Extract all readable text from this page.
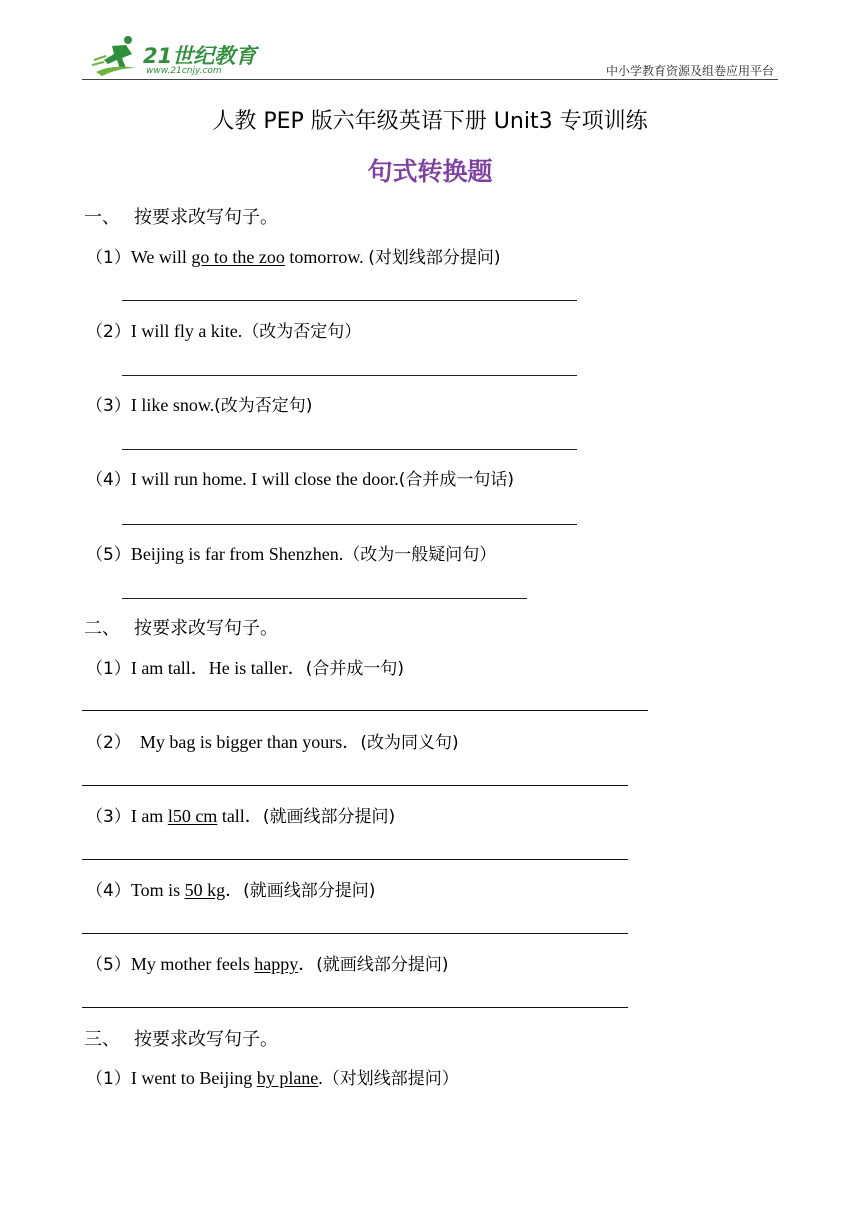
21世纪教育
www.21cnjy.com	中小学教育资源及组卷应用平台
人教 PEP 版六年级英语下册 Unit3 专项训练
句式转换题
一、 按要求改写句子。
（1）We will go to the zoo tomorrow. (对划线部分提问)
（2）I will fly a kite.（改为否定句）
（3）I like snow.(改为否定句)
（4）I will run home. I will close the door.(合并成一句话)
（5）Beijing is far from Shenzhen.（改为一般疑问句）
二、 按要求改写句子。
（1）I am tall．He is taller．(合并成一句)
（2）  My bag is bigger than yours．(改为同义句)
（3）I am l50 cm tall．(就画线部分提问)
（4）Tom is 50 kg．(就画线部分提问)
（5）My mother feels happy．(就画线部分提问)
三、 按要求改写句子。
（1）I went to Beijing by plane.（对划线部提问）
